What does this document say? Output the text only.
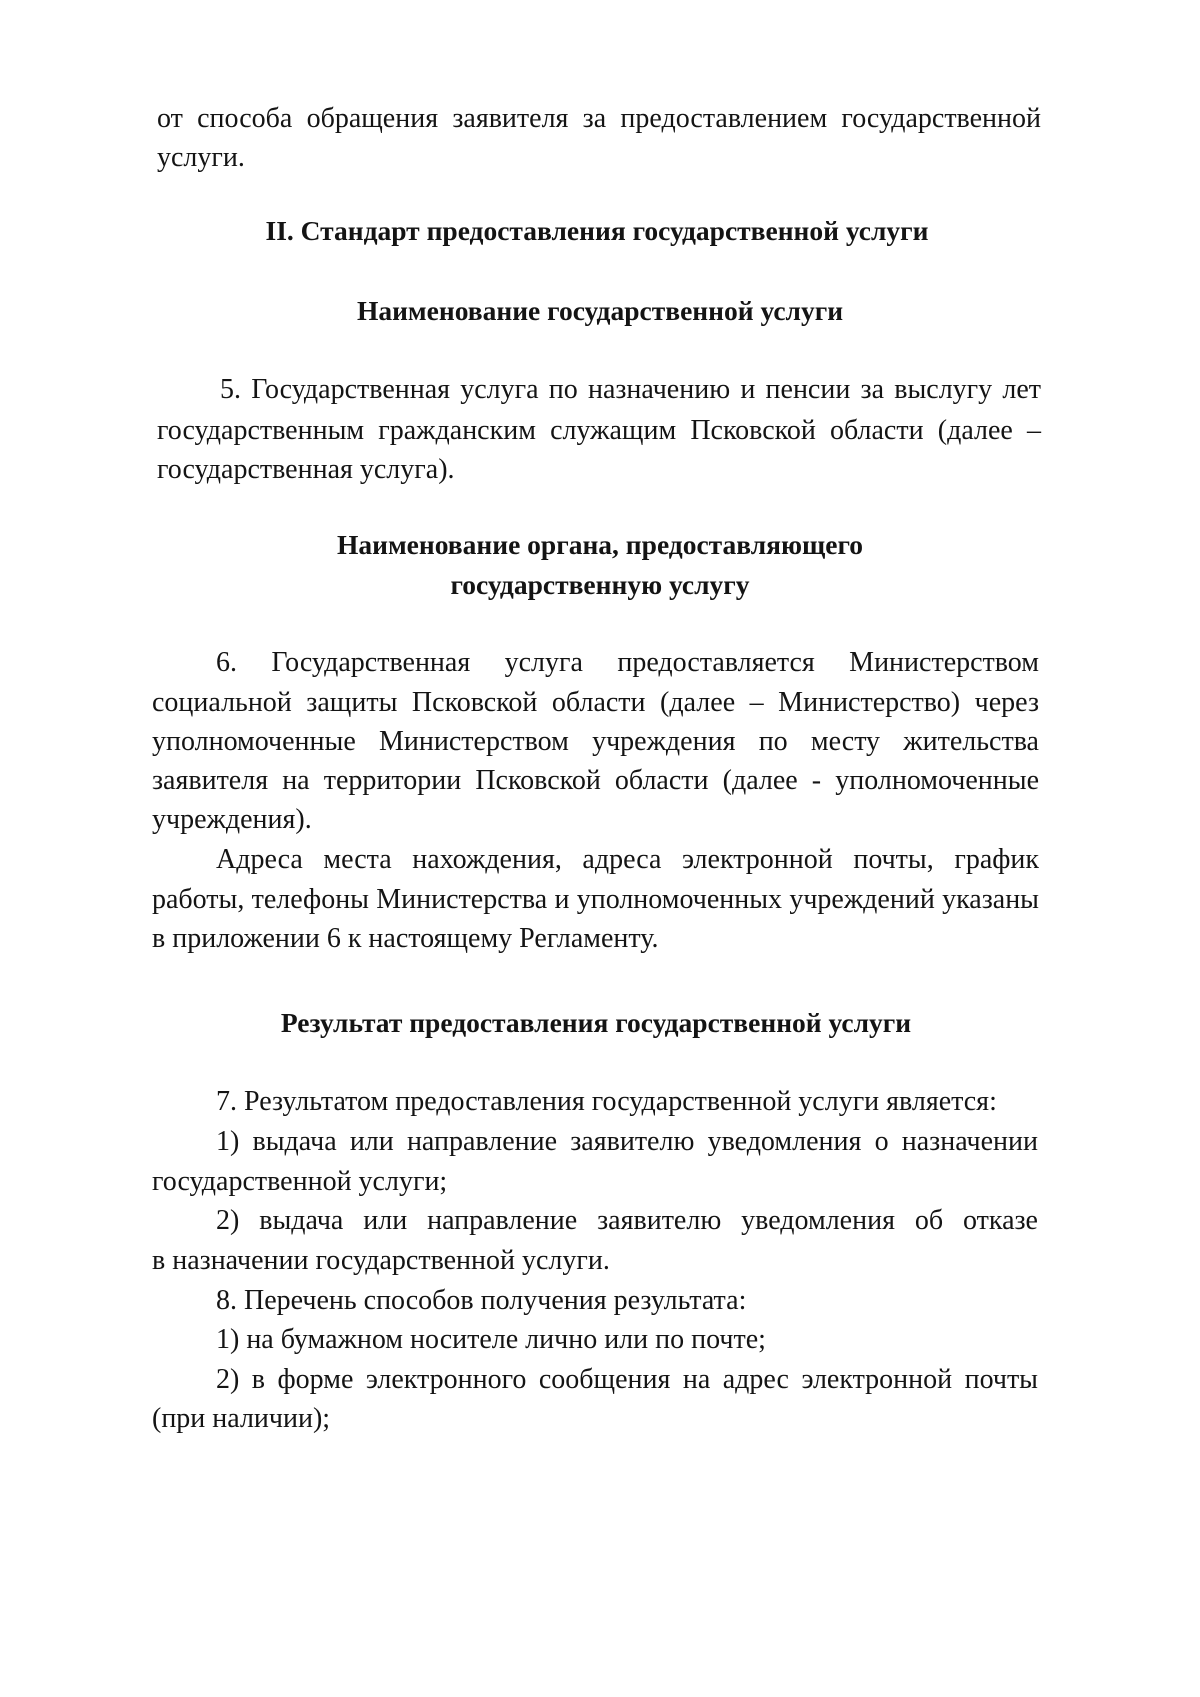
от способа обращения заявителя за предоставлением государственной
услуги.
II. Стандарт предоставления государственной услуги
Наименование государственной услуги
5. Государственная услуга по назначению и пенсии за выслугу лет
государственным гражданским служащим Псковской области (далее –
государственная услуга).
Наименование органа, предоставляющего
государственную услугу
6. Государственная услуга предоставляется Министерством
социальной защиты Псковской области (далее – Министерство) через
уполномоченные Министерством учреждения по месту жительства
заявителя на территории Псковской области (далее - уполномоченные
учреждения).
Адреса места нахождения, адреса электронной почты, график
работы, телефоны Министерства и уполномоченных учреждений указаны
в приложении 6 к настоящему Регламенту.
Результат предоставления государственной услуги
7. Результатом предоставления государственной услуги является:
1) выдача или направление заявителю уведомления о назначении
государственной услуги;
2) выдача или направление заявителю уведомления об отказе
в назначении государственной услуги.
8. Перечень способов получения результата:
1) на бумажном носителе лично или по почте;
2) в форме электронного сообщения на адрес электронной почты
(при наличии);
